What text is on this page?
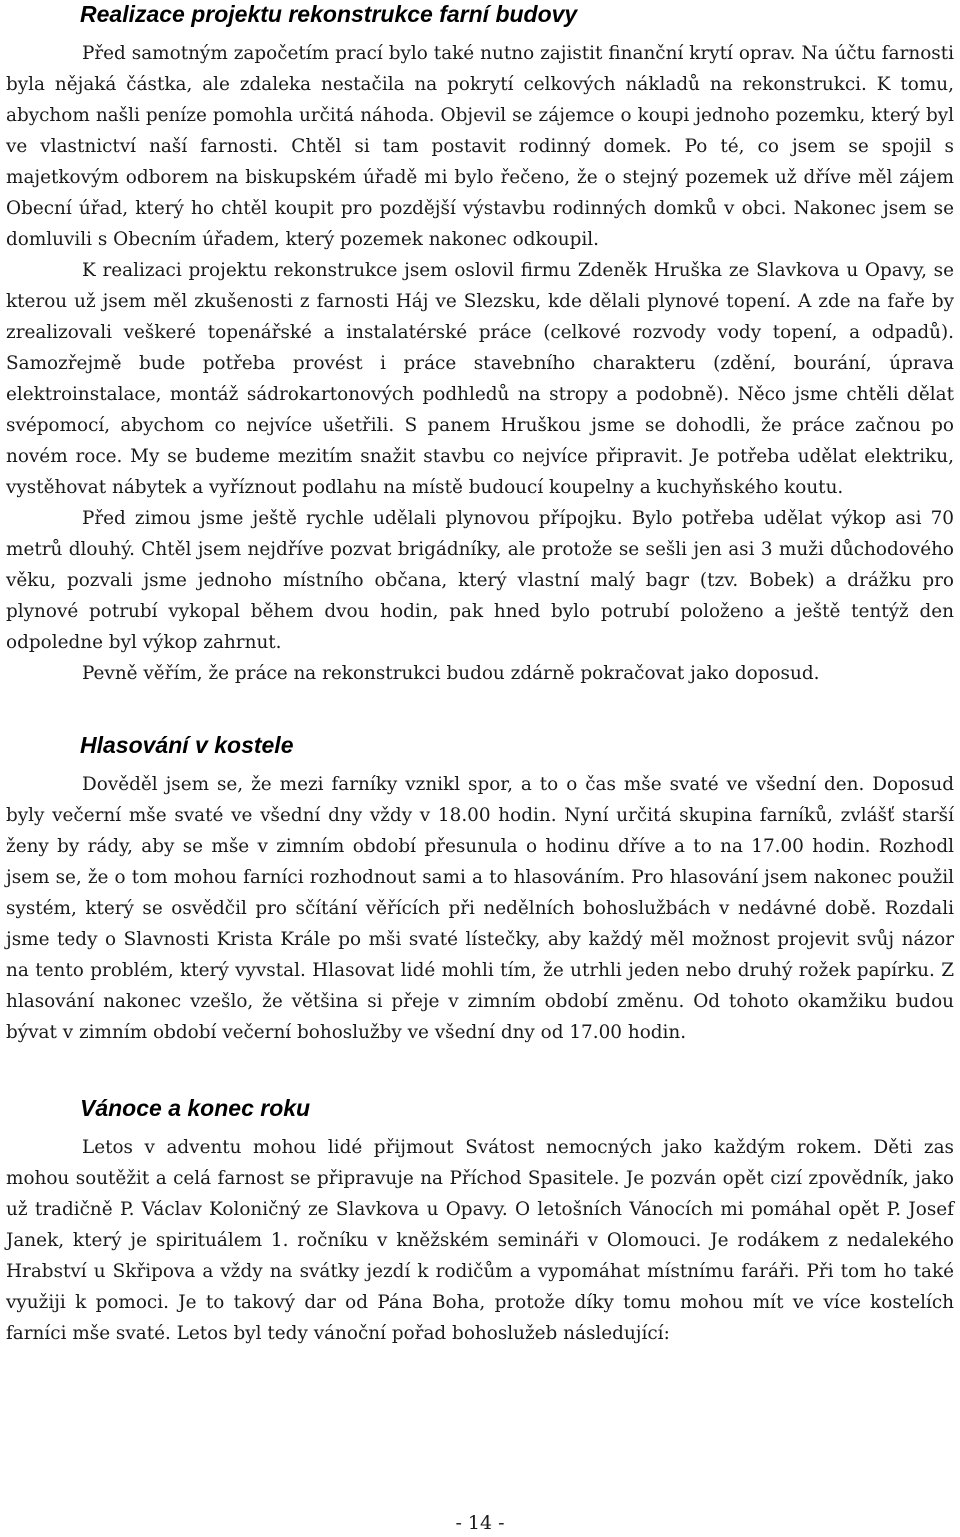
Realizace projektu rekonstrukce farní budovy

Před samotným započetím prací bylo také nutno zajistit finanční krytí oprav. Na účtu farnosti byla nějaká částka, ale zdaleka nestačila na pokrytí celkových nákladů na rekonstrukci. K tomu, abychom našli peníze pomohla určitá náhoda. Objevil se zájemce o koupi jednoho pozemku, který byl ve vlastnictví naší farnosti. Chtěl si tam postavit rodinný domek. Po té, co jsem se spojil s majetkovým odborem na biskupském úřadě mi bylo řečeno, že o stejný pozemek už dříve měl zájem Obecní úřad, který ho chtěl koupit pro pozdější výstavbu rodinných domků v obci. Nakonec jsem se domluvili s Obecním úřadem, který pozemek nakonec odkoupil.

K realizaci projektu rekonstrukce jsem oslovil firmu Zdeněk Hruška ze Slavkova u Opavy, se kterou už jsem měl zkušenosti z farnosti Háj ve Slezsku, kde dělali plynové topení. A zde na faře by zrealizovali veškeré topenářské a instalatérské práce (celkové rozvody vody topení, a odpadů). Samozřejmě bude potřeba provést i práce stavebního charakteru (zdění, bourání, úprava elektroinstalace, montáž sádrokartonových podhledů na stropy a podobně). Něco jsme chtěli dělat svépomocí, abychom co nejvíce ušetřili. S panem Hruškou jsme se dohodli, že práce začnou po novém roce. My se budeme mezitím snažit stavbu co nejvíce připravit. Je potřeba udělat elektriku, vystěhovat nábytek a vyříznout podlahu na místě budoucí koupelny a kuchyňského koutu.

Před zimou jsme ještě rychle udělali plynovou přípojku. Bylo potřeba udělat výkop asi 70 metrů dlouhý. Chtěl jsem nejdříve pozvat brigádníky, ale protože se sešli jen asi 3 muži důchodového věku, pozvali jsme jednoho místního občana, který vlastní malý bagr (tzv. Bobek) a drážku pro plynové potrubí vykopal během dvou hodin, pak hned bylo potrubí položeno a ještě tentýž den odpoledne byl výkop zahrnut.

Pevně věřím, že práce na rekonstrukci budou zdárně pokračovat jako doposud.

Hlasování v kostele

Dověděl jsem se, že mezi farníky vznikl spor, a to o čas mše svaté ve všední den. Doposud byly večerní mše svaté ve všední dny vždy v 18.00 hodin. Nyní určitá skupina farníků, zvlášť starší ženy by rády, aby se mše v zimním období přesunula o hodinu dříve a to na 17.00 hodin. Rozhodl jsem se, že o tom mohou farníci rozhodnout sami a to hlasováním. Pro hlasování jsem nakonec použil systém, který se osvědčil pro sčítání věřících při nedělních bohoslužbách v nedávné době. Rozdali jsme tedy o Slavnosti Krista Krále po mši svaté lístečky, aby každý měl možnost projevit svůj názor na tento problém, který vyvstal. Hlasovat lidé mohli tím, že utrhli jeden nebo druhý rožek papírku. Z hlasování nakonec vzešlo, že většina si přeje v zimním období změnu. Od tohoto okamžiku budou bývat v zimním období večerní bohoslužby ve všední dny od 17.00 hodin.

Vánoce a konec roku

Letos v adventu mohou lidé přijmout Svátost nemocných jako každým rokem. Děti zas mohou soutěžit a celá farnost se připravuje na Příchod Spasitele. Je pozván opět cizí zpovědník, jako už tradičně P. Václav Koloničný ze Slavkova u Opavy. O letošních Vánocích mi pomáhal opět P. Josef Janek, který je spirituálem 1. ročníku v kněžském semináři v Olomouci. Je rodákem z nedalekého Hrabství u Skřipova a vždy na svátky jezdí k rodičům a vypomáhat místnímu faráři. Při tom ho také využiji k pomoci. Je to takový dar od Pána Boha, protože díky tomu mohou mít ve více kostelích farníci mše svaté. Letos byl tedy vánoční pořad bohoslužeb následující:

- 14 -
